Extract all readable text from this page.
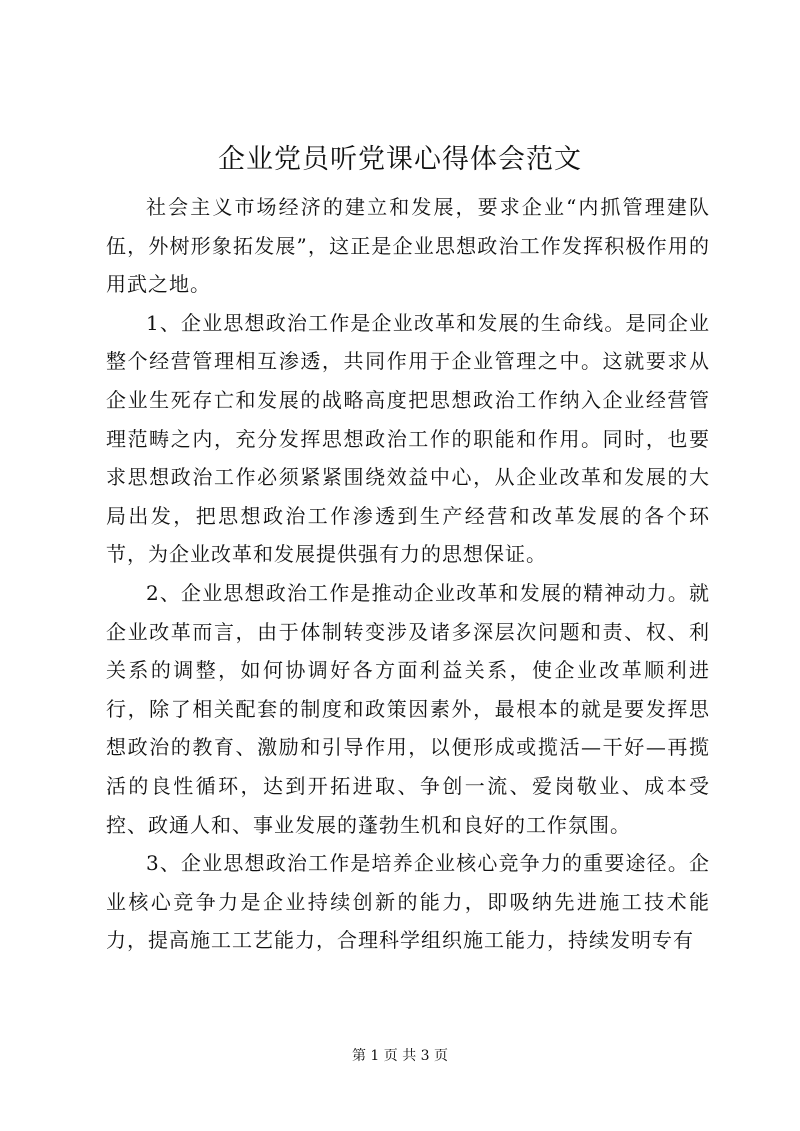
企业党员听党课心得体会范文

社会主义市场经济的建立和发展，要求企业“内抓管理建队伍，外树形象拓发展”，这正是企业思想政治工作发挥积极作用的用武之地。

1、企业思想政治工作是企业改革和发展的生命线。是同企业整个经营管理相互渗透，共同作用于企业管理之中。这就要求从企业生死存亡和发展的战略高度把思想政治工作纳入企业经营管理范畴之内，充分发挥思想政治工作的职能和作用。同时，也要求思想政治工作必须紧紧围绕效益中心，从企业改革和发展的大局出发，把思想政治工作渗透到生产经营和改革发展的各个环节，为企业改革和发展提供强有力的思想保证。

2、企业思想政治工作是推动企业改革和发展的精神动力。就企业改革而言，由于体制转变涉及诸多深层次问题和责、权、利关系的调整，如何协调好各方面利益关系，使企业改革顺利进行，除了相关配套的制度和政策因素外，最根本的就是要发挥思想政治的教育、激励和引导作用，以便形成或揽活—干好—再揽活的良性循环，达到开拓进取、争创一流、爱岗敬业、成本受控、政通人和、事业发展的蓬勃生机和良好的工作氛围。

3、企业思想政治工作是培养企业核心竞争力的重要途径。企业核心竞争力是企业持续创新的能力，即吸纳先进施工技术能力，提高施工工艺能力，合理科学组织施工能力，持续发明专有

第 1 页 共 3 页
